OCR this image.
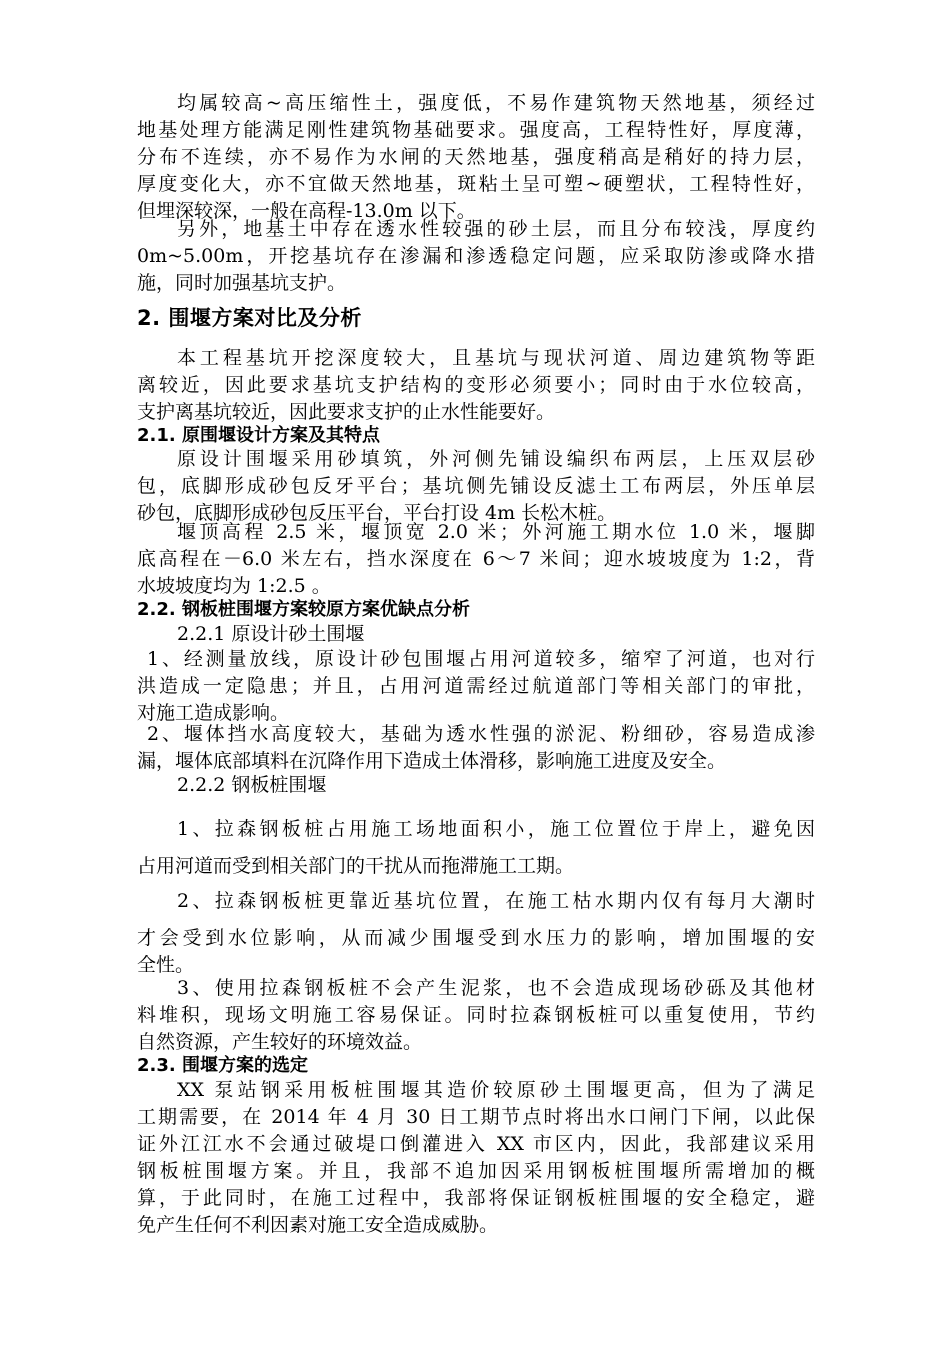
均属较高~高压缩性土，强度低，不易作建筑物天然地基，须经过
地基处理方能满足刚性建筑物基础要求。强度高，工程特性好，厚度薄，
分布不连续，亦不易作为水闸的天然地基，强度稍高是稍好的持力层，
厚度变化大，亦不宜做天然地基，斑粘土呈可塑~硬塑状，工程特性好，
但埋深较深，一般在高程-13.0m 以下。
另外，地基土中存在透水性较强的砂土层，而且分布较浅，厚度约
0m~5.00m，开挖基坑存在渗漏和渗透稳定问题，应采取防渗或降水措
施，同时加强基坑支护。
2. 围堰方案对比及分析
本工程基坑开挖深度较大，且基坑与现状河道、周边建筑物等距
离较近，因此要求基坑支护结构的变形必须要小；同时由于水位较高，
支护离基坑较近，因此要求支护的止水性能要好。
2.1. 原围堰设计方案及其特点
原设计围堰采用砂填筑，外河侧先铺设编织布两层，上压双层砂
包，底脚形成砂包反牙平台；基坑侧先铺设反滤土工布两层，外压单层
砂包，底脚形成砂包反压平台，平台打设 4m 长松木桩。
堰顶高程 2.5 米，堰顶宽 2.0 米；外河施工期水位 1.0 米，堰脚
底高程在－6.0 米左右，挡水深度在 6～7 米间；迎水坡坡度为 1:2，背
水坡坡度均为 1:2.5 。
2.2. 钢板桩围堰方案较原方案优缺点分析
2.2.1 原设计砂土围堰
1、经测量放线，原设计砂包围堰占用河道较多，缩窄了河道，也对行
洪造成一定隐患；并且，占用河道需经过航道部门等相关部门的审批，
对施工造成影响。
2、堰体挡水高度较大，基础为透水性强的淤泥、粉细砂，容易造成渗
漏，堰体底部填料在沉降作用下造成土体滑移，影响施工进度及安全。
2.2.2 钢板桩围堰
1、拉森钢板桩占用施工场地面积小，施工位置位于岸上，避免因
占用河道而受到相关部门的干扰从而拖滞施工工期。
2、拉森钢板桩更靠近基坑位置，在施工枯水期内仅有每月大潮时
才会受到水位影响，从而减少围堰受到水压力的影响，增加围堰的安
全性。
3、使用拉森钢板桩不会产生泥浆，也不会造成现场砂砾及其他材
料堆积，现场文明施工容易保证。同时拉森钢板桩可以重复使用，节约
自然资源，产生较好的环境效益。
2.3. 围堰方案的选定
XX 泵站钢采用板桩围堰其造价较原砂土围堰更高，但为了满足
工期需要，在 2014 年 4 月 30 日工期节点时将出水口闸门下闸，以此保
证外江江水不会通过破堤口倒灌进入 XX 市区内，因此，我部建议采用
钢板桩围堰方案。并且，我部不追加因采用钢板桩围堰所需增加的概
算，于此同时，在施工过程中，我部将保证钢板桩围堰的安全稳定，避
免产生任何不利因素对施工安全造成威胁。
